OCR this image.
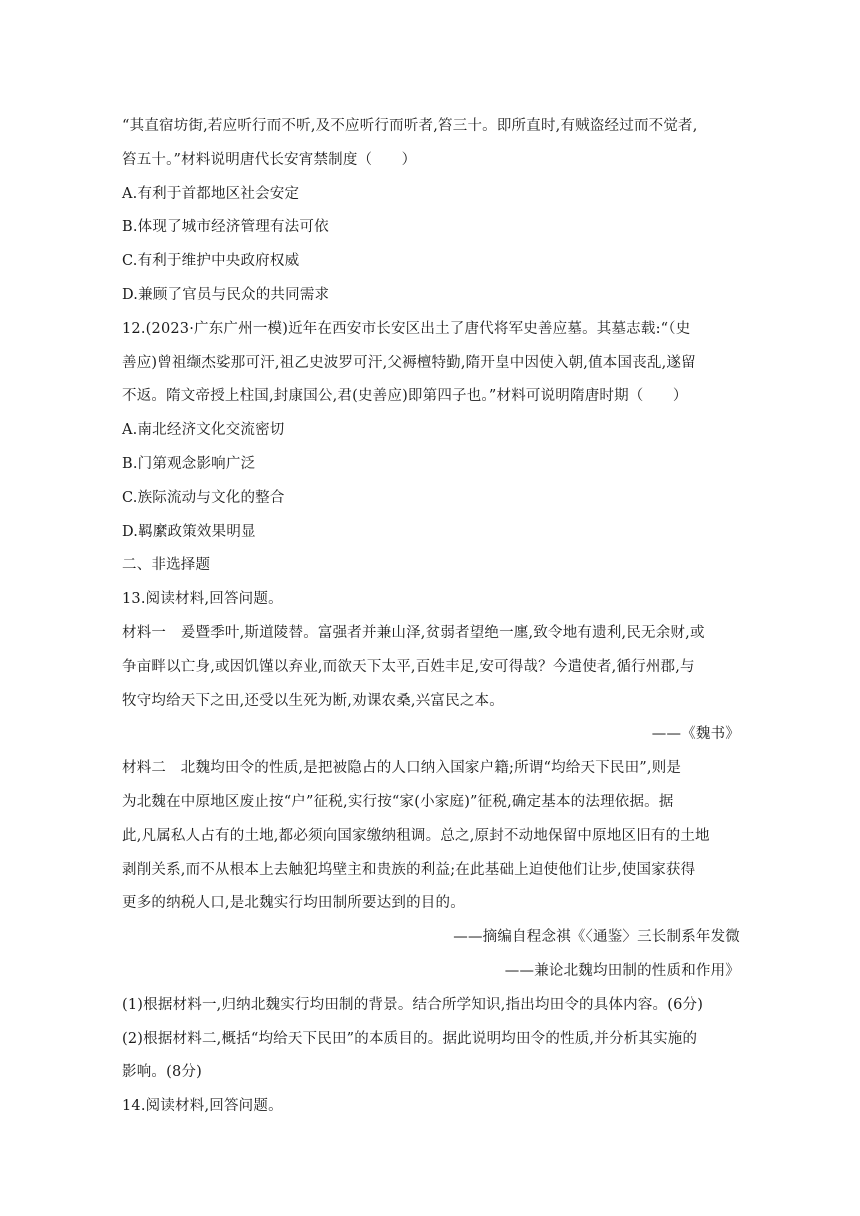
“其直宿坊街,若应听行而不听,及不应听行而听者,笞三十。即所直时,有贼盗经过而不觉者,
笞五十。”材料说明唐代长安宵禁制度（　　）
A.有利于首都地区社会安定
B.体现了城市经济管理有法可依
C.有利于维护中央政府权威
D.兼顾了官员与民众的共同需求
12.(2023·广东广州一模)近年在西安市长安区出土了唐代将军史善应墓。其墓志载:“（史
善应)曾祖缬杰娑那可汗,祖乙史波罗可汗,父褥檀特勤,隋开皇中因使入朝,值本国丧乱,遂留
不返。隋文帝授上柱国,封康国公,君(史善应)即第四子也。”材料可说明隋唐时期（　　）
A.南北经济文化交流密切
B.门第观念影响广泛
C.族际流动与文化的整合
D.羁縻政策效果明显
二、非选择题
13.阅读材料,回答问题。
材料一　爰暨季叶,斯道陵替。富强者并兼山泽,贫弱者望绝一廛,致令地有遗利,民无余财,或
争亩畔以亡身,或因饥馑以弃业,而欲天下太平,百姓丰足,安可得哉？今遣使者,循行州郡,与
牧守均给天下之田,还受以生死为断,劝课农桑,兴富民之本。
——《魏书》
材料二　北魏均田令的性质,是把被隐占的人口纳入国家户籍;所谓“均给天下民田”,则是
为北魏在中原地区废止按“户”征税,实行按“家(小家庭)”征税,确定基本的法理依据。据
此,凡属私人占有的土地,都必须向国家缴纳租调。总之,原封不动地保留中原地区旧有的土地
剥削关系,而不从根本上去触犯坞壁主和贵族的利益;在此基础上迫使他们让步,使国家获得
更多的纳税人口,是北魏实行均田制所要达到的目的。
——摘编自程念祺《〈通鉴〉三长制系年发微
——兼论北魏均田制的性质和作用》
(1)根据材料一,归纳北魏实行均田制的背景。结合所学知识,指出均田令的具体内容。(6分)
(2)根据材料二,概括“均给天下民田”的本质目的。据此说明均田令的性质,并分析其实施的
影响。(8分)
14.阅读材料,回答问题。
